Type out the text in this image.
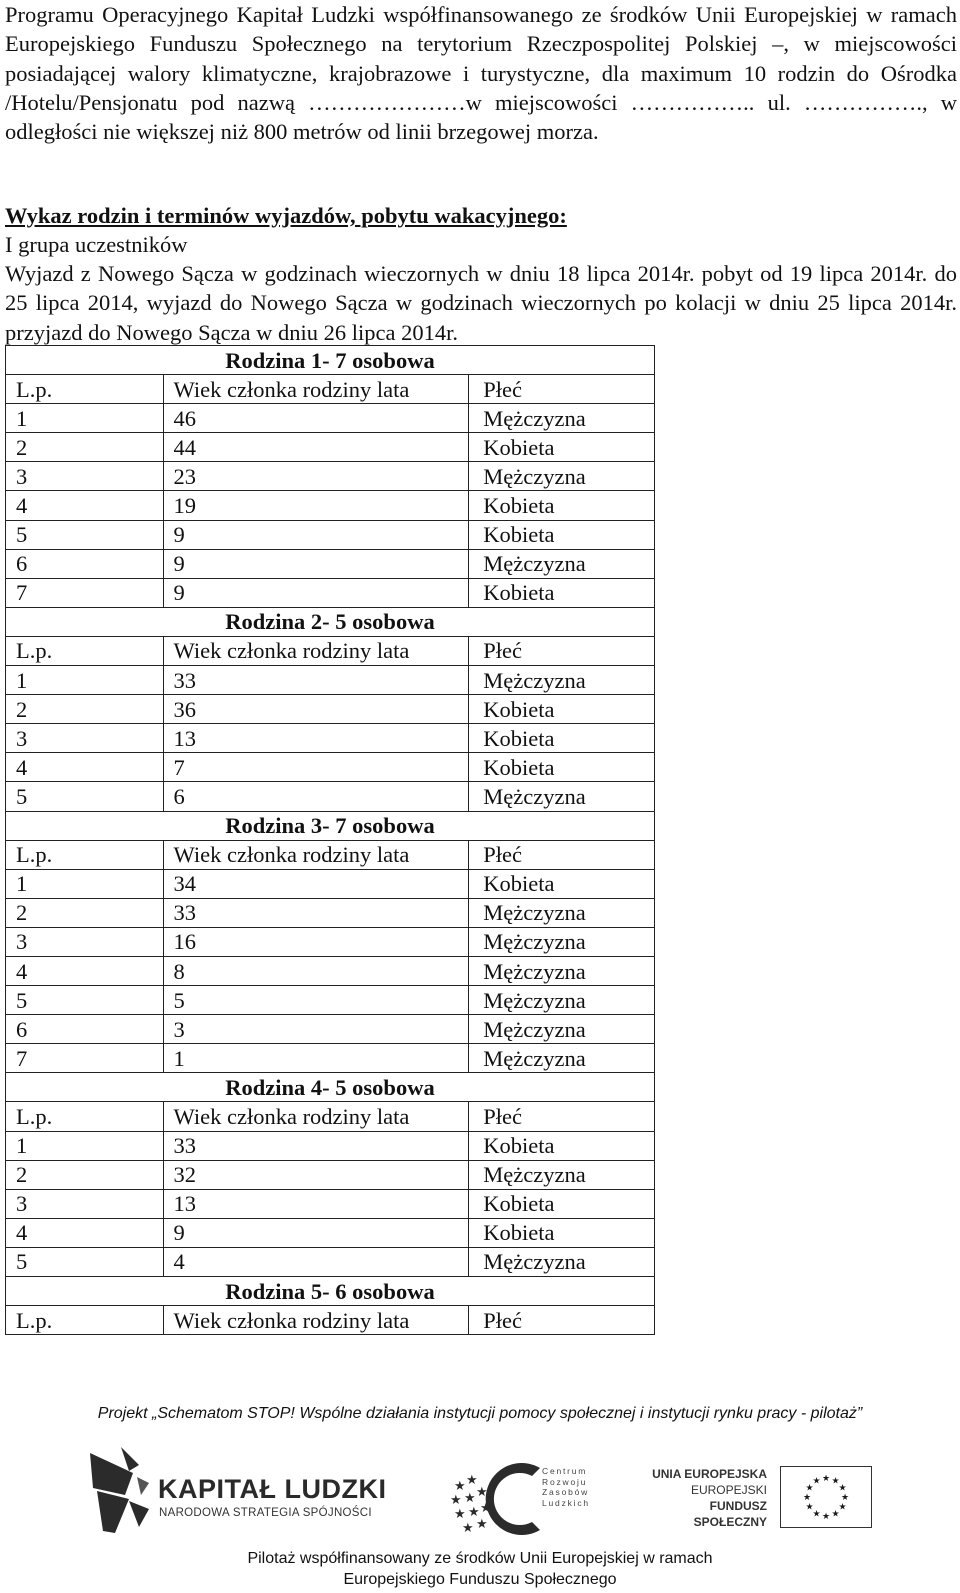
Programu Operacyjnego Kapitał Ludzki współfinansowanego ze środków Unii Europejskiej w ramach Europejskiego Funduszu Społecznego na terytorium Rzeczpospolitej Polskiej –, w miejscowości posiadającej walory klimatyczne, krajobrazowe i turystyczne, dla maximum 10 rodzin do Ośrodka /Hotelu/Pensjonatu pod nazwą …………………w miejscowości …………….. ul. ……………., w odległości nie większej niż 800 metrów od linii brzegowej morza.
Wykaz rodzin i terminów wyjazdów, pobytu wakacyjnego:
I grupa uczestników
Wyjazd z Nowego Sącza w godzinach wieczornych w dniu 18 lipca 2014r. pobyt od 19 lipca 2014r. do 25 lipca 2014, wyjazd do Nowego Sącza w godzinach wieczornych po kolacji w dniu 25 lipca 2014r. przyjazd do Nowego Sącza w dniu 26 lipca 2014r.
Rodzina 1- 7 osobowa		
L.p.	Wiek członka rodziny lata	Płeć
1	46	Mężczyzna
2	44	Kobieta
3	23	Mężczyzna
4	19	Kobieta
5	9	Kobieta
6	9	Mężczyzna
7	9	Kobieta
Rodzina 2- 5 osobowa		
L.p.	Wiek członka rodziny lata	Płeć
1	33	Mężczyzna
2	36	Kobieta
3	13	Kobieta
4	7	Kobieta
5	6	Mężczyzna
Rodzina 3- 7 osobowa		
L.p.	Wiek członka rodziny lata	Płeć
1	34	Kobieta
2	33	Mężczyzna
3	16	Mężczyzna
4	8	Mężczyzna
5	5	Mężczyzna
6	3	Mężczyzna
7	1	Mężczyzna
Rodzina 4- 5 osobowa		
L.p.	Wiek członka rodziny lata	Płeć
1	33	Kobieta
2	32	Mężczyzna
3	13	Kobieta
4	9	Kobieta
5	4	Mężczyzna
Rodzina 5- 6 osobowa		
L.p.	Wiek członka rodziny lata	Płeć
Projekt „Schematom STOP! Wspólne działania instytucji pomocy społecznej i instytucji rynku pracy - pilotaż”
KAPITAŁ LUDZKI
NARODOWA STRATEGIA SPÓJNOŚCI
★ ★
★ ★ ★
★ ★ ★
★ ★
Centrum
Rozwoju
Zasobów
Ludzkich
UNIA EUROPEJSKA
EUROPEJSKI
FUNDUSZ SPOŁECZNY
★ ★
★
★
★
★
★
★
★
★
★
★
Pilotaż współfinansowany ze środków Unii Europejskiej w ramach
Europejskiego Funduszu Społecznego
